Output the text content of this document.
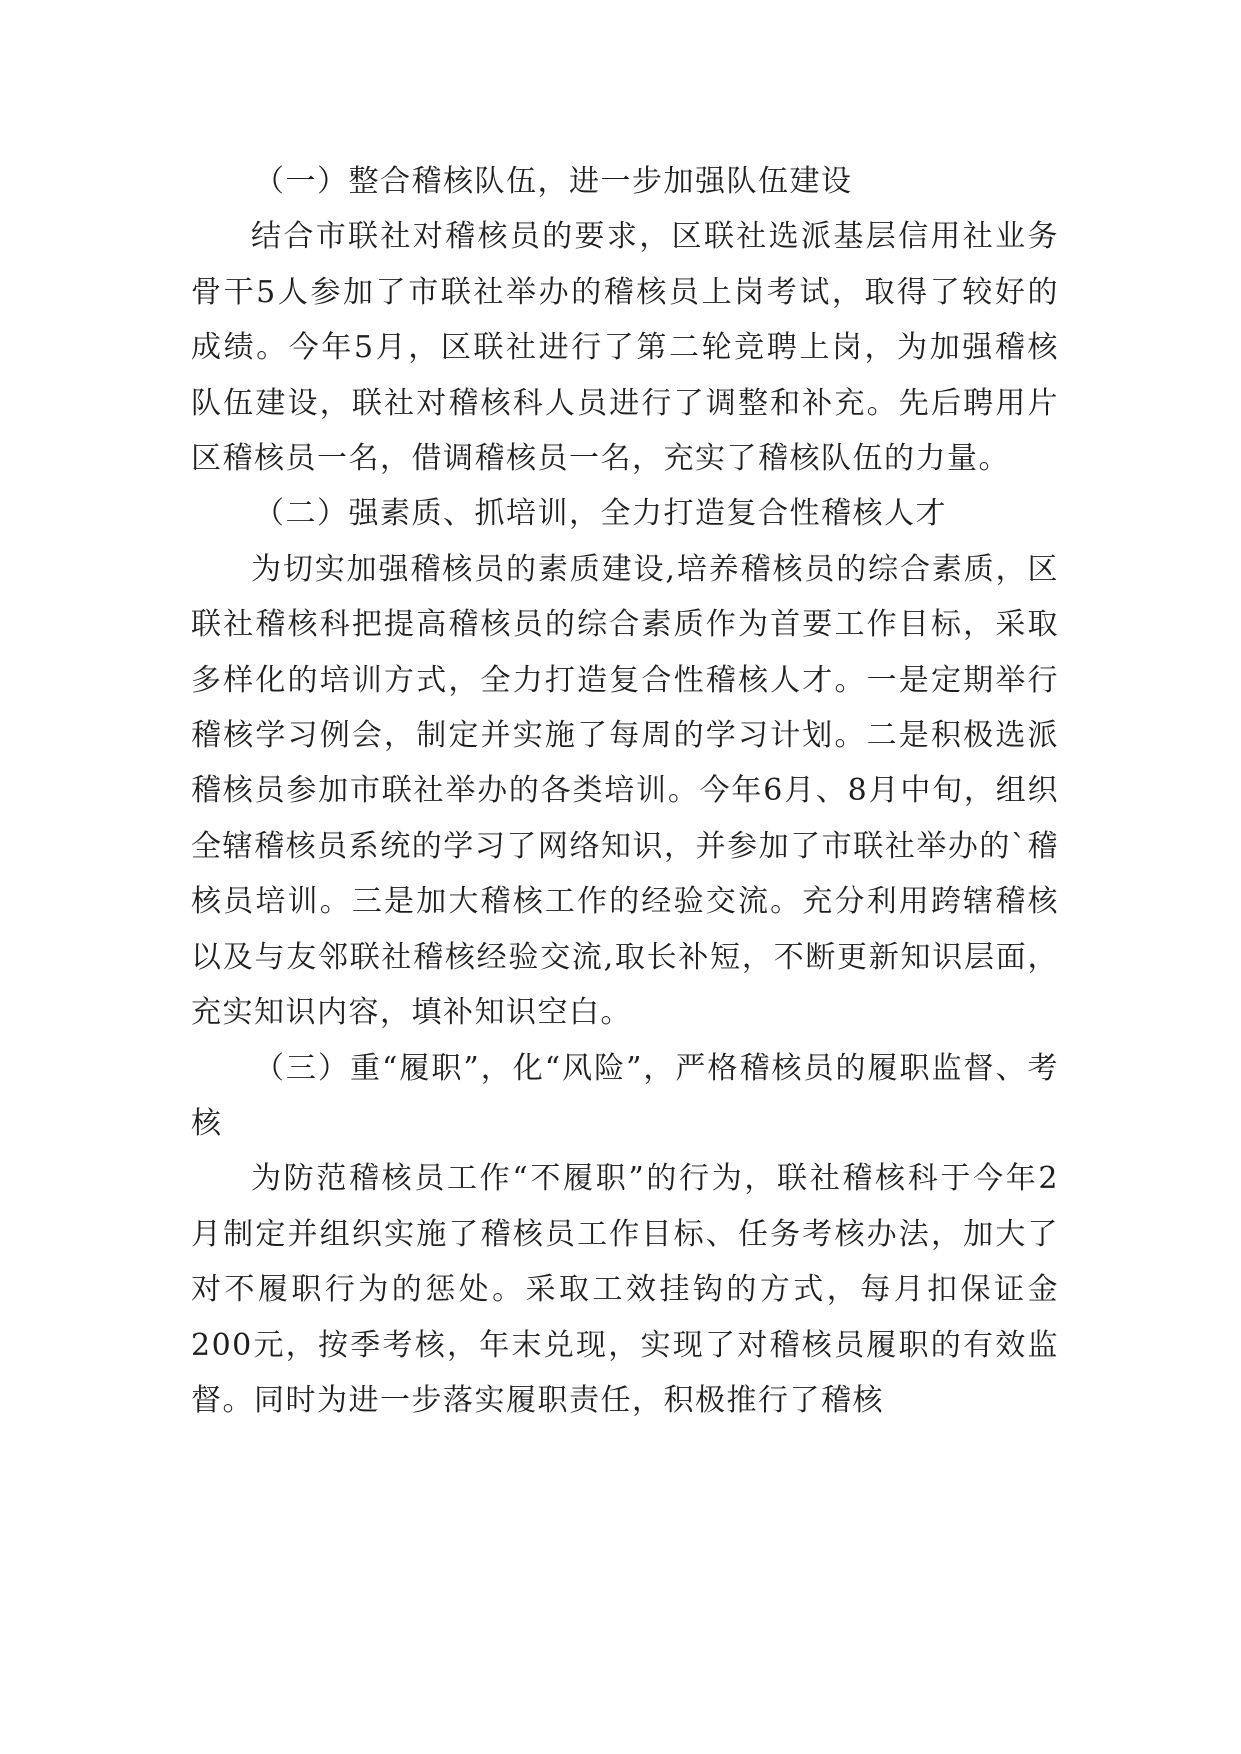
（一）整合稽核队伍，进一步加强队伍建设

结合市联社对稽核员的要求，区联社选派基层信用社业务骨干5人参加了市联社举办的稽核员上岗考试，取得了较好的成绩。今年5月，区联社进行了第二轮竞聘上岗，为加强稽核队伍建设，联社对稽核科人员进行了调整和补充。先后聘用片区稽核员一名，借调稽核员一名，充实了稽核队伍的力量。

（二）强素质、抓培训，全力打造复合性稽核人才

为切实加强稽核员的素质建设,培养稽核员的综合素质，区联社稽核科把提高稽核员的综合素质作为首要工作目标，采取多样化的培训方式，全力打造复合性稽核人才。一是定期举行稽核学习例会，制定并实施了每周的学习计划。二是积极选派稽核员参加市联社举办的各类培训。今年6月、8月中旬，组织全辖稽核员系统的学习了网络知识，并参加了市联社举办的`稽核员培训。三是加大稽核工作的经验交流。充分利用跨辖稽核以及与友邻联社稽核经验交流,取长补短，不断更新知识层面，充实知识内容，填补知识空白。

（三）重“履职”，化“风险”，严格稽核员的履职监督、考核

为防范稽核员工作“不履职”的行为，联社稽核科于今年2月制定并组织实施了稽核员工作目标、任务考核办法，加大了对不履职行为的惩处。采取工效挂钩的方式，每月扣保证金200元，按季考核，年末兑现，实现了对稽核员履职的有效监督。同时为进一步落实履职责任，积极推行了稽核
